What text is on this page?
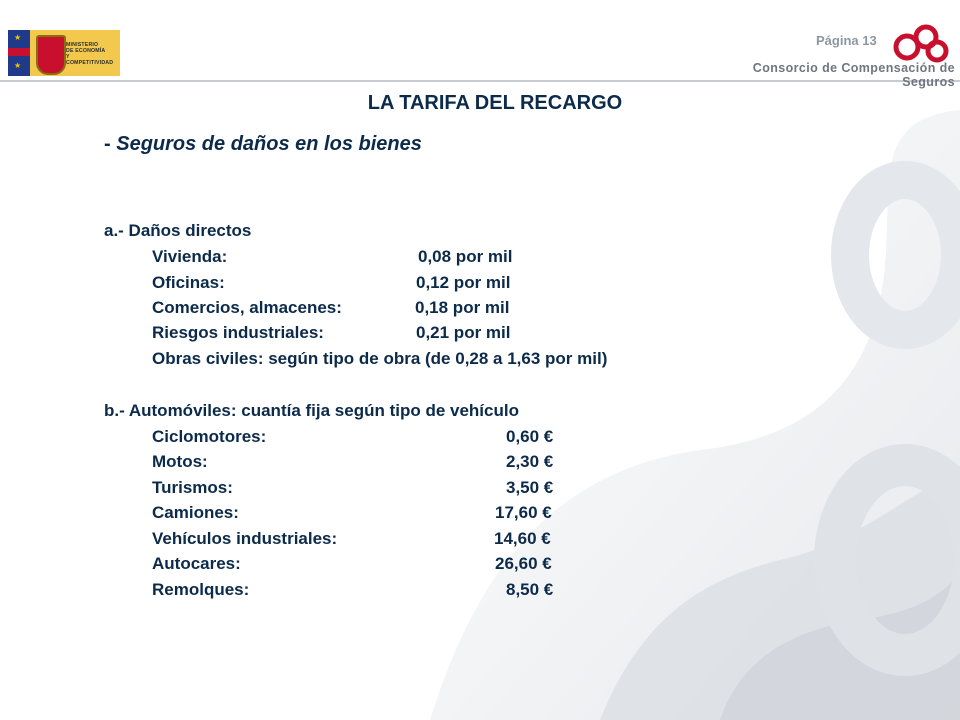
★
★
MINISTERIO
DE ECONOMÍA
Y COMPETITIVIDAD
Página 13
Consorcio de Compensación de Seguros
LA TARIFA DEL RECARGO
- Seguros de daños en los bienes
a.- Daños directos
Vivienda:	0,08 por mil
Oficinas:	0,12 por mil
Comercios, almacenes:	0,18 por mil
Riesgos industriales:	0,21 por mil
Obras civiles: según tipo de obra (de 0,28 a 1,63 por mil)
b.- Automóviles: cuantía fija según tipo de vehículo
Ciclomotores:	0,60 €
Motos:	2,30 €
Turismos:	3,50 €
Camiones:	17,60 €
Vehículos industriales:	14,60 €
Autocares:	26,60 €
Remolques:	8,50 €
